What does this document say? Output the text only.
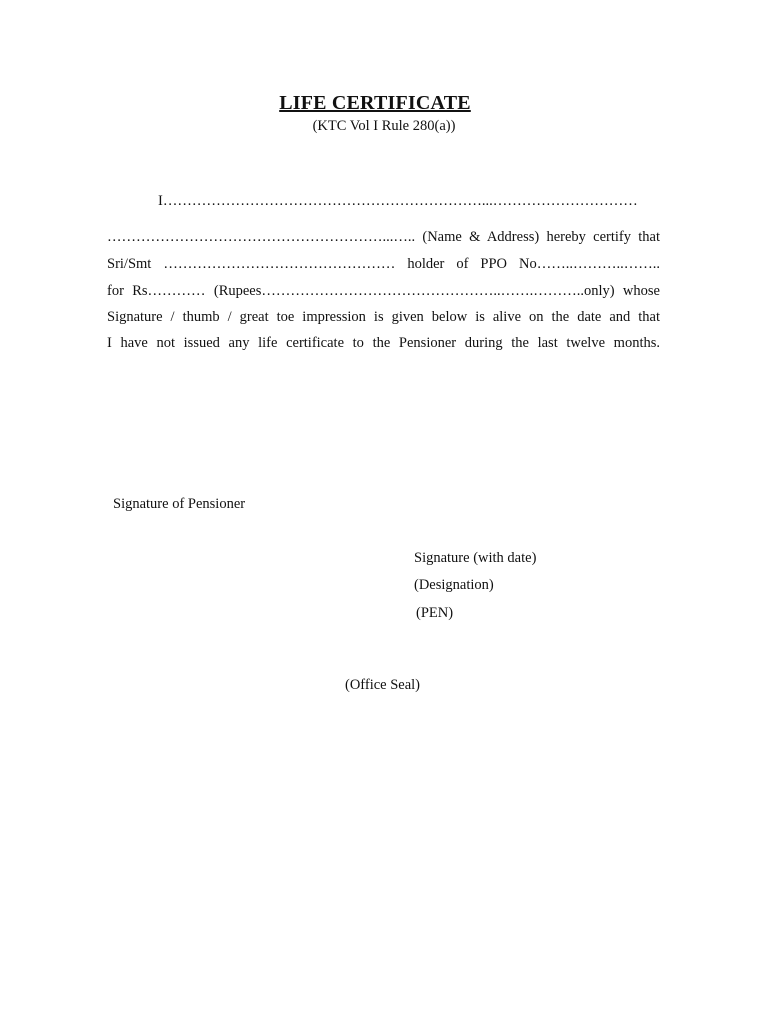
LIFE CERTIFICATE
(KTC Vol I Rule 280(a))
I…………………………………………………………...…………………………
…………………………………………………...….. (Name & Address) hereby certify that
Sri/Smt ………………………………………… holder of PPO No……..………..……..
for Rs………… (Rupees…………………………………………..…….………..only) whose
Signature / thumb / great toe impression is given below is alive on the date and that
I have not issued any life certificate to the Pensioner during the last twelve months.
Signature of Pensioner
Signature (with date)
(Designation)
(PEN)
(Office Seal)
